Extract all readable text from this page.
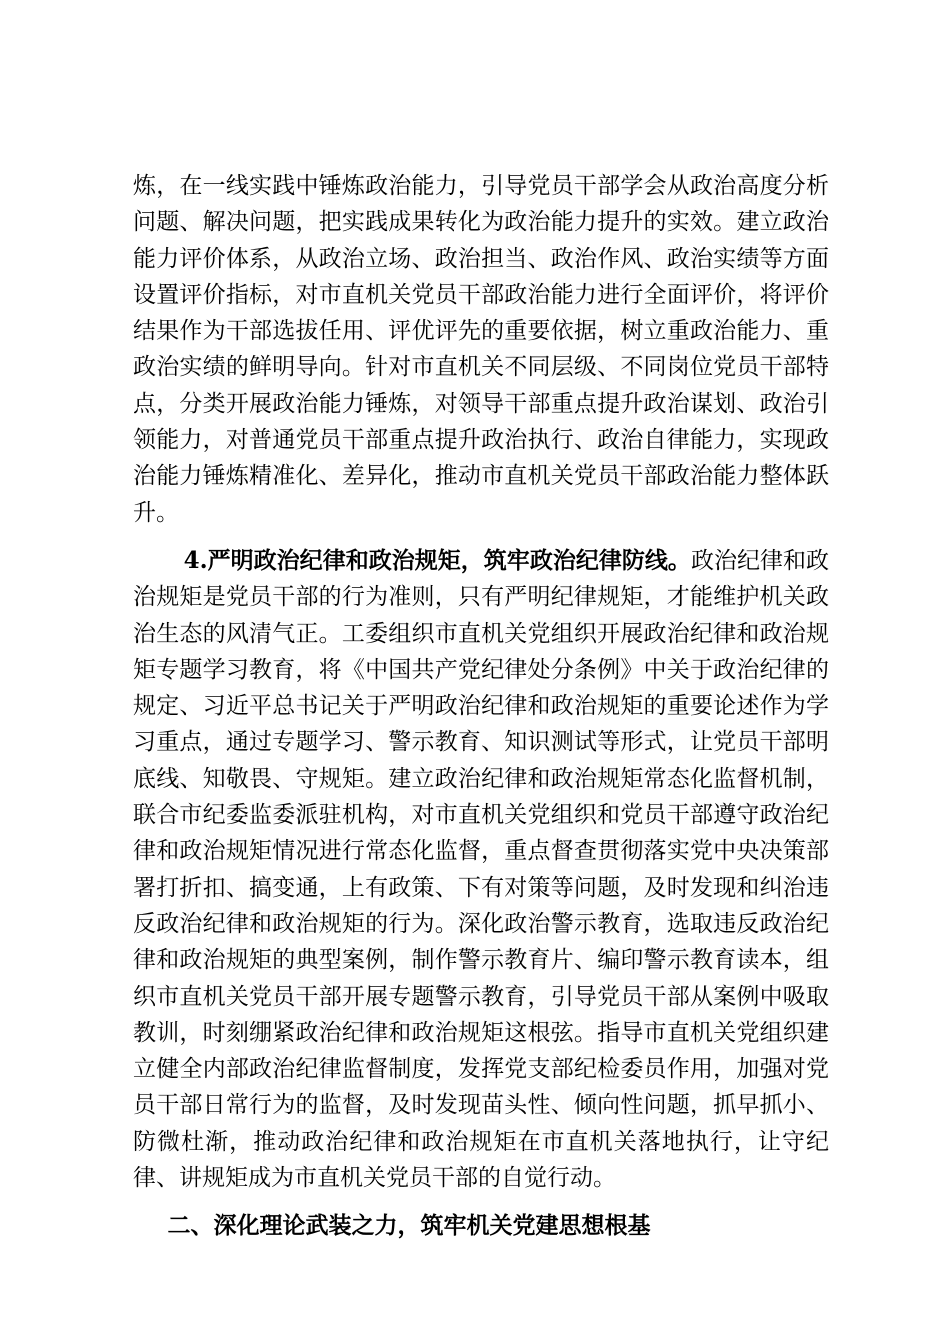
炼，在一线实践中锤炼政治能力，引导党员干部学会从政治高度分析问题、解决问题，把实践成果转化为政治能力提升的实效。建立政治能力评价体系，从政治立场、政治担当、政治作风、政治实绩等方面设置评价指标，对市直机关党员干部政治能力进行全面评价，将评价结果作为干部选拔任用、评优评先的重要依据，树立重政治能力、重政治实绩的鲜明导向。针对市直机关不同层级、不同岗位党员干部特点，分类开展政治能力锤炼，对领导干部重点提升政治谋划、政治引领能力，对普通党员干部重点提升政治执行、政治自律能力，实现政治能力锤炼精准化、差异化，推动市直机关党员干部政治能力整体跃升。

4.严明政治纪律和政治规矩，筑牢政治纪律防线。政治纪律和政治规矩是党员干部的行为准则，只有严明纪律规矩，才能维护机关政治生态的风清气正。工委组织市直机关党组织开展政治纪律和政治规矩专题学习教育，将《中国共产党纪律处分条例》中关于政治纪律的规定、习近平总书记关于严明政治纪律和政治规矩的重要论述作为学习重点，通过专题学习、警示教育、知识测试等形式，让党员干部明底线、知敬畏、守规矩。建立政治纪律和政治规矩常态化监督机制，联合市纪委监委派驻机构，对市直机关党组织和党员干部遵守政治纪律和政治规矩情况进行常态化监督，重点督查贯彻落实党中央决策部署打折扣、搞变通，上有政策、下有对策等问题，及时发现和纠治违反政治纪律和政治规矩的行为。深化政治警示教育，选取违反政治纪律和政治规矩的典型案例，制作警示教育片、编印警示教育读本，组织市直机关党员干部开展专题警示教育，引导党员干部从案例中吸取教训，时刻绷紧政治纪律和政治规矩这根弦。指导市直机关党组织建立健全内部政治纪律监督制度，发挥党支部纪检委员作用，加强对党员干部日常行为的监督，及时发现苗头性、倾向性问题，抓早抓小、防微杜渐，推动政治纪律和政治规矩在市直机关落地执行，让守纪律、讲规矩成为市直机关党员干部的自觉行动。

二、深化理论武装之力，筑牢机关党建思想根基
